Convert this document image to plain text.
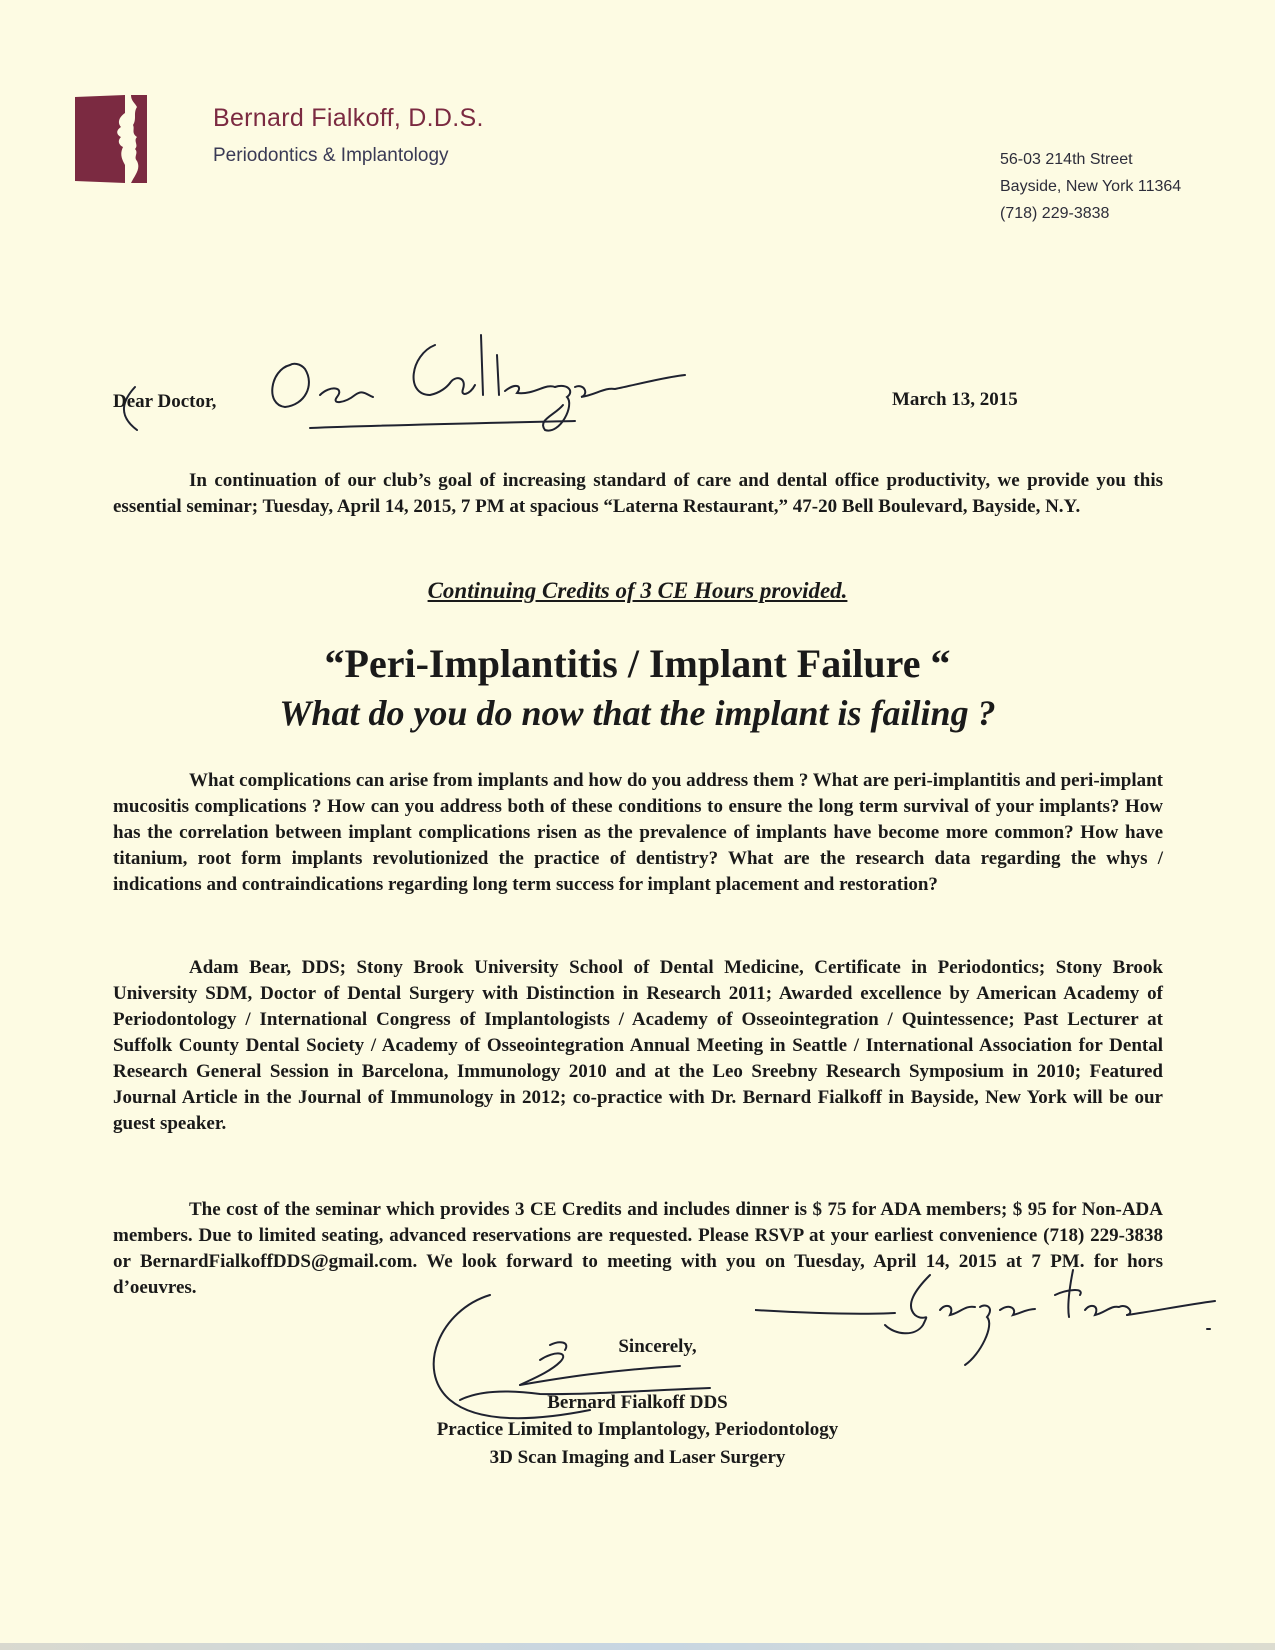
Bernard Fialkoff, D.D.S.
Periodontics & Implantology	56-03 214th Street
Bayside, New York 11364
(718) 229-3838
Dear Doctor,	March 13, 2015

In continuation of our club’s goal of increasing standard of care and dental office productivity, we provide you this essential seminar; Tuesday, April 14, 2015, 7 PM at spacious “Laterna Restaurant,” 47-20 Bell Boulevard, Bayside, N.Y.

Continuing Credits of 3 CE Hours provided.
“Peri-Implantitis / Implant Failure “
What do you do now that the implant is failing ?

What complications can arise from implants and how do you address them ? What are peri-implantitis and peri-implant mucositis complications ? How can you address both of these conditions to ensure the long term survival of your implants? How has the correlation between implant complications risen as the prevalence of implants have become more common? How have titanium, root form implants revolutionized the practice of dentistry? What are the research data regarding the whys / indications and contraindications regarding long term success for implant placement and restoration?

Adam Bear, DDS; Stony Brook University School of Dental Medicine, Certificate in Periodontics; Stony Brook University SDM, Doctor of Dental Surgery with Distinction in Research 2011; Awarded excellence by American Academy of Periodontology / International Congress of Implantologists / Academy of Osseointegration / Quintessence; Past Lecturer at Suffolk County Dental Society / Academy of Osseointegration Annual Meeting in Seattle / International Association for Dental Research General Session in Barcelona, Immunology 2010 and at the Leo Sreebny Research Symposium in 2010; Featured Journal Article in the Journal of Immunology in 2012; co-practice with Dr. Bernard Fialkoff in Bayside, New York will be our guest speaker.

The cost of the seminar which provides 3 CE Credits and includes dinner is $ 75 for ADA members; $ 95 for Non-ADA members. Due to limited seating, advanced reservations are requested. Please RSVP at your earliest convenience (718) 229-3838 or BernardFialkoffDDS@gmail.com. We look forward to meeting with you on Tuesday, April 14, 2015 at 7 PM. for hors d’oeuvres.

Sincerely,
Bernard Fialkoff DDS
Practice Limited to Implantology, Periodontology
3D Scan Imaging and Laser Surgery
